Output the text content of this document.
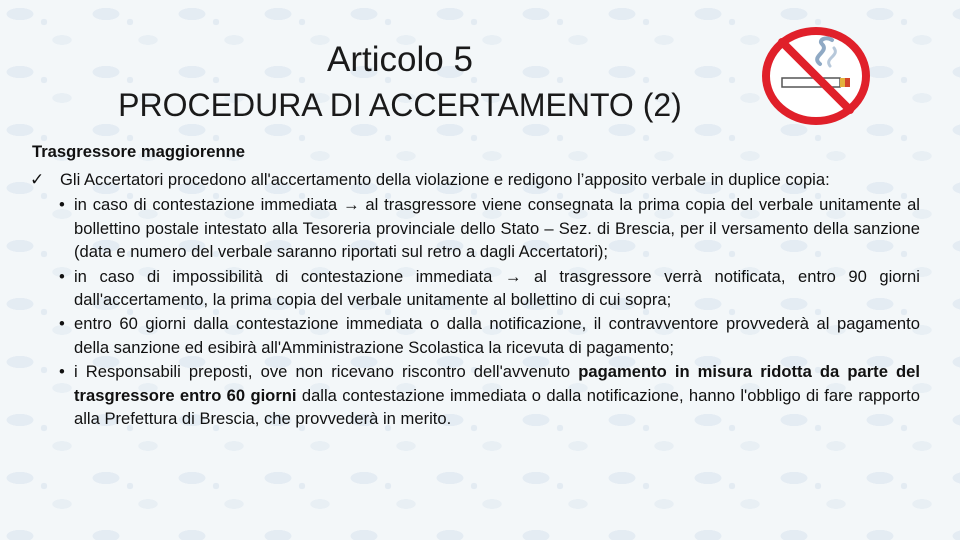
Articolo 5
PROCEDURA DI ACCERTAMENTO (2)
Trasgressore maggiorenne
✓ Gli Accertatori procedono all'accertamento della violazione e redigono l’apposito verbale in duplice copia:
• in caso di contestazione immediata → al trasgressore viene consegnata la prima copia del verbale unitamente al bollettino postale intestato alla Tesoreria provinciale dello Stato – Sez. di Brescia, per il versamento della sanzione (data e numero del verbale saranno riportati sul retro a dagli Accertatori);
• in caso di impossibilità di contestazione immediata → al trasgressore verrà notificata, entro 90 giorni dall'accertamento, la prima copia del verbale unitamente al bollettino di cui sopra;
• entro 60 giorni dalla contestazione immediata o dalla notificazione, il contravventore provvederà al pagamento della sanzione ed esibirà all'Amministrazione Scolastica la ricevuta di pagamento;
• i Responsabili preposti, ove non ricevano riscontro dell'avvenuto pagamento in misura ridotta da parte del trasgressore entro 60 giorni dalla contestazione immediata o dalla notificazione, hanno l'obbligo di fare rapporto alla Prefettura di Brescia, che provvederà in merito.
